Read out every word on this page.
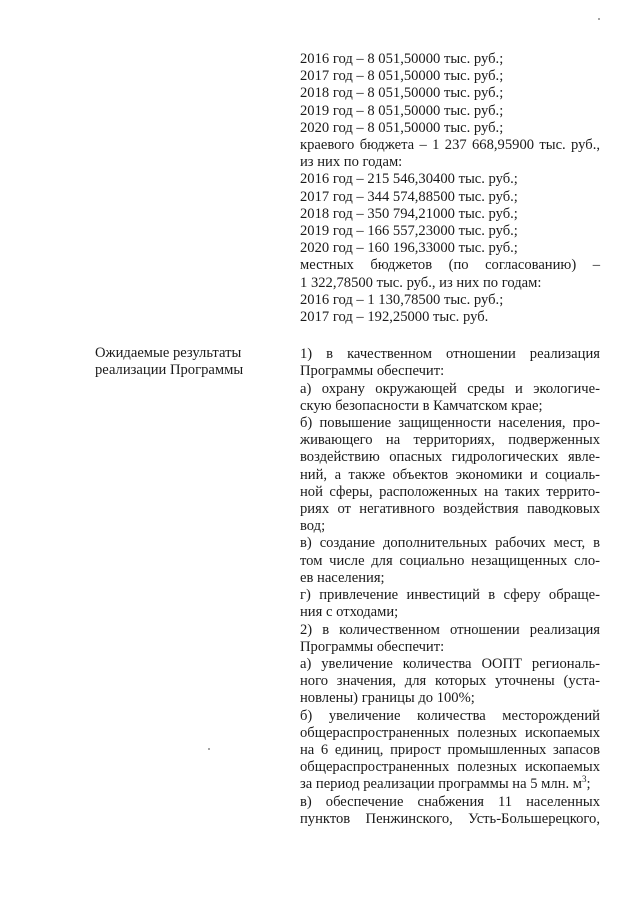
Ожидаемые результаты
реализации Программы
2016 год – 8 051,50000 тыс. руб.;
2017 год – 8 051,50000 тыс. руб.;
2018 год – 8 051,50000 тыс. руб.;
2019 год – 8 051,50000 тыс. руб.;
2020 год – 8 051,50000 тыс. руб.;
краевого бюджета – 1 237 668,95900 тыс. руб.,
из них по годам:
2016 год – 215 546,30400 тыс. руб.;
2017 год – 344 574,88500 тыс. руб.;
2018 год – 350 794,21000 тыс. руб.;
2019 год – 166 557,23000 тыс. руб.;
2020 год – 160 196,33000 тыс. руб.;
местных бюджетов (по согласованию) –
1 322,78500 тыс. руб., из них по годам:
2016 год – 1 130,78500 тыс. руб.;
2017 год – 192,25000 тыс. руб.
1) в качественном отношении реализация
Программы обеспечит:
а) охрану окружающей среды и экологиче-
скую безопасности в Камчатском крае;
б) повышение защищенности населения, про-
живающего на территориях, подверженных
воздействию опасных гидрологических явле-
ний, а также объектов экономики и социаль-
ной сферы, расположенных на таких террито-
риях от негативного воздействия паводковых
вод;
в) создание дополнительных рабочих мест, в
том числе для социально незащищенных сло-
ев населения;
г) привлечение инвестиций в сферу обраще-
ния с отходами;
2) в количественном отношении реализация
Программы обеспечит:
а) увеличение количества ООПТ региональ-
ного значения, для которых уточнены (уста-
новлены) границы до 100%;
б) увеличение количества месторождений
общераспространенных полезных ископаемых
на 6 единиц, прирост промышленных запасов
общераспространенных полезных ископаемых
за период реализации программы на 5 млн. $м^3$;
в) обеспечение снабжения 11 населенных
пунктов Пенжинского, Усть-Большерецкого,
